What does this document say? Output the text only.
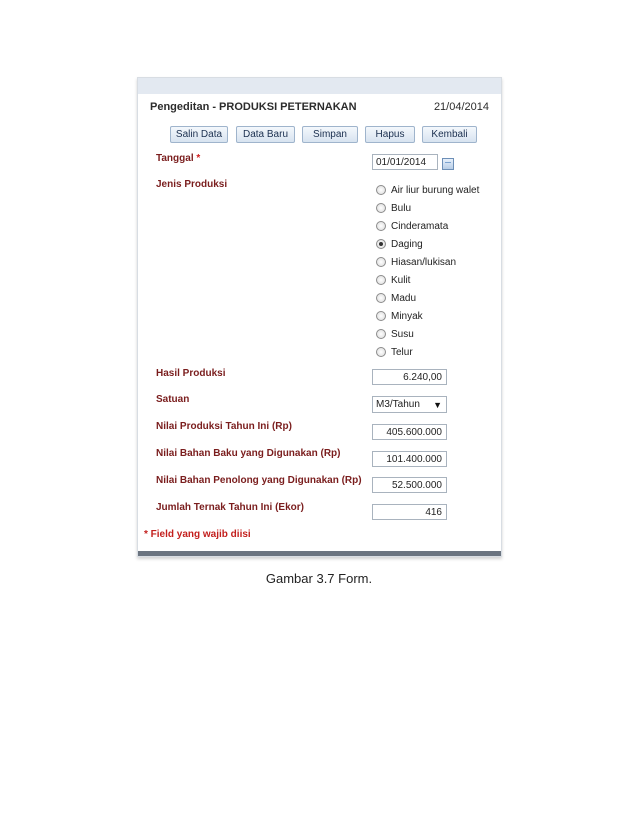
Pengeditan - PRODUKSI PETERNAKAN	21/04/2014
Salin Data	Data Baru	Simpan	Hapus	Kembali
Tanggal *	01/01/2014
Jenis Produksi	Air liur burung walet
Bulu
Cinderamata
Daging
Hiasan/lukisan
Kulit
Madu
Minyak
Susu
Telur
Hasil Produksi	6.240,00
Satuan	M3/Tahun ▼
Nilai Produksi Tahun Ini (Rp)	405.600.000
Nilai Bahan Baku yang Digunakan (Rp)	101.400.000
Nilai Bahan Penolong yang Digunakan (Rp)	52.500.000
Jumlah Ternak Tahun Ini (Ekor)	416
* Field yang wajib diisi
Gambar 3.7 Form.
